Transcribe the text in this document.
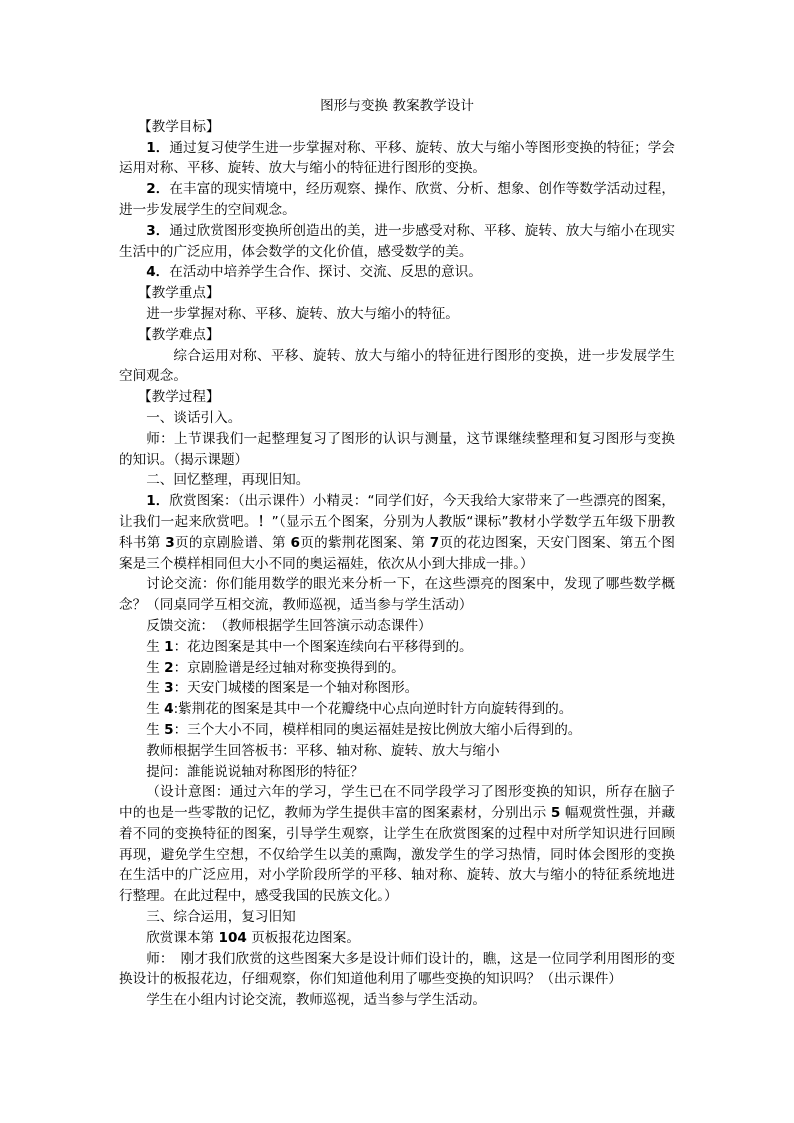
图形与变换 教案教学设计

【教学目标】

1．通过复习使学生进一步掌握对称、平移、旋转、放大与缩小等图形变换的特征；学会运用对称、平移、旋转、放大与缩小的特征进行图形的变换。

2．在丰富的现实情境中，经历观察、操作、欣赏、分析、想象、创作等数学活动过程，进一步发展学生的空间观念。

3．通过欣赏图形变换所创造出的美，进一步感受对称、平移、旋转、放大与缩小在现实生活中的广泛应用，体会数学的文化价值，感受数学的美。

4．在活动中培养学生合作、探讨、交流、反思的意识。

【教学重点】

进一步掌握对称、平移、旋转、放大与缩小的特征。

【教学难点】

综合运用对称、平移、旋转、放大与缩小的特征进行图形的变换，进一步发展学生空间观念。

【教学过程】

一、谈话引入。

师：上节课我们一起整理复习了图形的认识与测量，这节课继续整理和复习图形与变换的知识。（揭示课题）

二、回忆整理，再现旧知。

1．欣赏图案：（出示课件）小精灵：“同学们好，今天我给大家带来了一些漂亮的图案，让我们一起来欣赏吧。！”（显示五个图案，分别为人教版“课标”教材小学数学五年级下册教科书第 3页的京剧脸谱、第 6页的紫荆花图案、第 7页的花边图案，天安门图案、第五个图案是三个模样相同但大小不同的奥运福娃，依次从小到大排成一排。）

讨论交流：你们能用数学的眼光来分析一下，在这些漂亮的图案中，发现了哪些数学概念？（同桌同学互相交流，教师巡视，适当参与学生活动）

反馈交流：　（教师根据学生回答演示动态课件）

生 1：花边图案是其中一个图案连续向右平移得到的。

生 2：京剧脸谱是经过轴对称变换得到的。

生 3：天安门城楼的图案是一个轴对称图形。

生 4:紫荆花的图案是其中一个花瓣绕中心点向逆时针方向旋转得到的。

生 5：三个大小不同，模样相同的奥运福娃是按比例放大缩小后得到的。

教师根据学生回答板书：平移、轴对称、旋转、放大与缩小

提问：誰能说说轴对称图形的特征？

（设计意图：通过六年的学习，学生已在不同学段学习了图形变换的知识，所存在脑子中的也是一些零散的记忆，教师为学生提供丰富的图案素材，分别出示 5 幅观赏性强，并藏着不同的变换特征的图案，引导学生观察，让学生在欣赏图案的过程中对所学知识进行回顾再现，避免学生空想，不仅给学生以美的熏陶，激发学生的学习热情，同时体会图形的变换在生活中的广泛应用，对小学阶段所学的平移、轴对称、旋转、放大与缩小的特征系统地进行整理。在此过程中，感受我国的民族文化。）

三、综合运用，复习旧知

欣赏课本第 104 页板报花边图案。

师：　刚才我们欣赏的这些图案大多是设计师们设计的，瞧，这是一位同学利用图形的变换设计的板报花边，仔细观察，你们知道他利用了哪些变换的知识吗？（出示课件）

学生在小组内讨论交流，教师巡视，适当参与学生活动。
